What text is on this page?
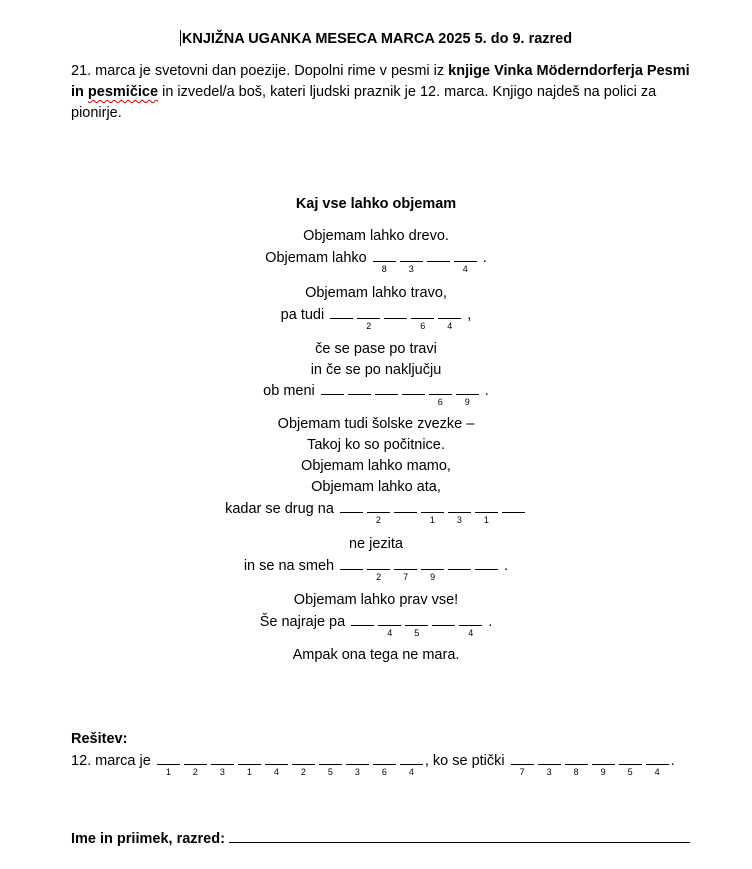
KNJIŽNA UGANKA MESECA MARCA 2025 5. do 9. razred
21. marca je svetovni dan poezije. Dopolni rime v pesmi iz knjige Vinka Möderndorferja Pesmi in pesmičice in izvedel/a boš, kateri ljudski praznik je 12. marca. Knjigo najdeš na polici za pionirje.
Kaj vse lahko objemam
Objemam lahko drevo.
Objemam lahko
8	3	4
.
Objemam lahko travo,
pa tudi
2	6	4
,
če se pase po travi
in če se po naključju
ob meni
6	9
.
Objemam tudi šolske zvezke –
Takoj ko so počitnice.
Objemam lahko mamo,
Objemam lahko ata,
kadar se drug na
2	1	3	1
ne jezita
in se na smeh
2	7	9
.
Objemam lahko prav vse!
Še najraje pa
4	5	4
.
Ampak ona tega ne mara.
Rešitev:
12. marca je
1	2	3	1	4	2	5	3	6	4
, ko se ptički
7	3	8	9	5	4
.
Ime in priimek, razred:
